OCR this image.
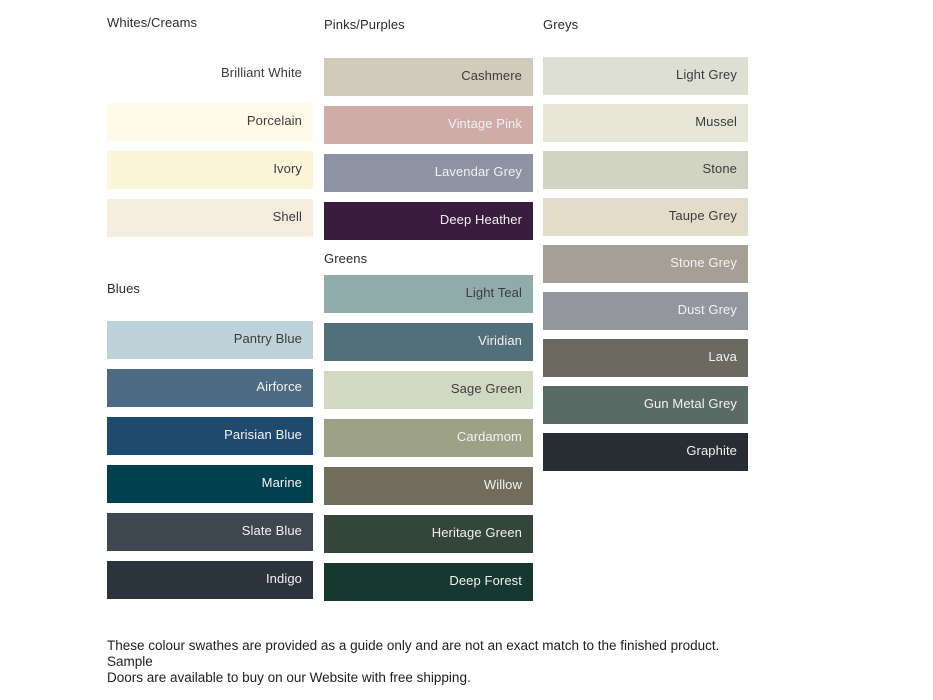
Whites/Creams
Brilliant White
Porcelain
Ivory
Shell
Blues
Pantry Blue
Airforce
Parisian Blue
Marine
Slate Blue
Indigo
Pinks/Purples
Cashmere
Vintage Pink
Lavendar Grey
Deep Heather
Greens
Light Teal
Viridian
Sage Green
Cardamom
Willow
Heritage Green
Deep Forest
Greys
Light Grey
Mussel
Stone
Taupe Grey
Stone Grey
Dust Grey
Lava
Gun Metal Grey
Graphite

These colour swathes are provided as a guide only and are not an exact match to the finished product.  Sample
Doors are available to buy on our Website with free shipping.
